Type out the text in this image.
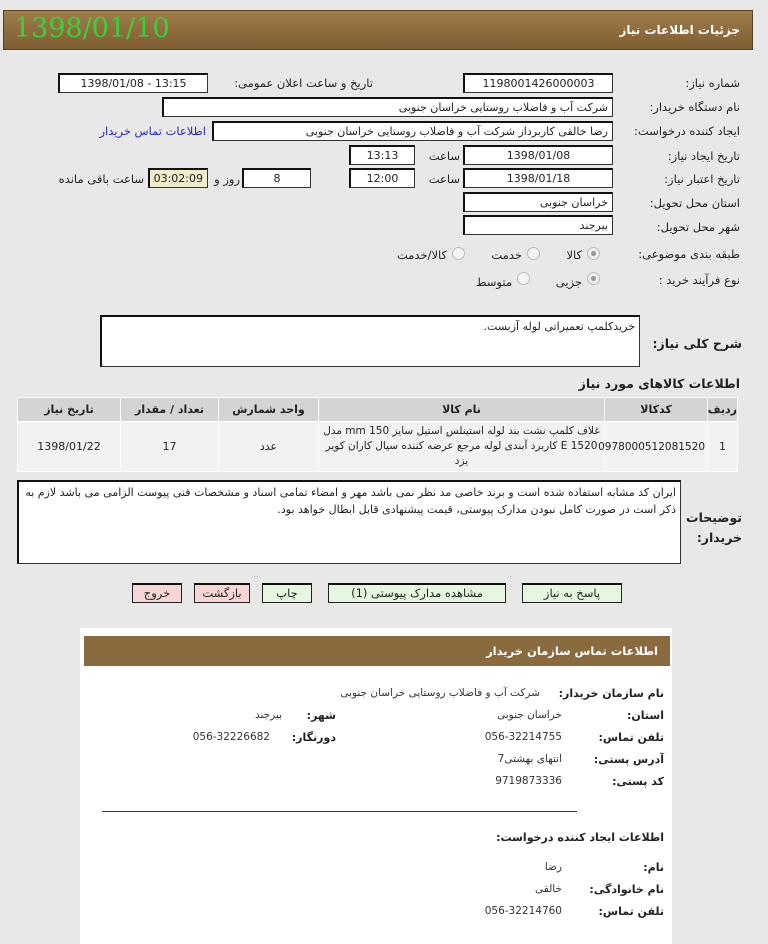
جزئیات اطلاعات نیاز
1398/01/10
شماره نیاز:
1198001426000003
تاریخ و ساعت اعلان عمومی:
1398/01/08 - 13:15
نام دستگاه خریدار:
شرکت آب و فاضلاب روستایی خراسان جنوبی
ایجاد کننده درخواست:
رضا خالقی کاربرداز شرکت آب و فاضلاب روستایی خراسان جنوبی
اطلاعات تماس خریدار
تاریخ ایجاد نیاز:
1398/01/08
ساعت
13:13
تاریخ اعتبار نیاز:
1398/01/18
ساعت
12:00
8
روز و
03:02:09
ساعت باقی مانده
استان محل تحویل:
خراسان جنوبی
شهر محل تحویل:
بیرجند
طبقه بندی موضوعی:
کالا
خدمت
کالا/خدمت
نوع فرآیند خرید :
جزیی
متوسط
شرح کلی نیاز:
خریدکلمپ تعمیراتی لوله آزبست.
اطلاعات کالاهای مورد نیاز
ردیف	کدکالا	نام کالا	واحد شمارش	تعداد / مقدار	تاریخ نیاز
1	0978000512081520	غلاف کلمپ نشت بند لوله استینلس استیل سایز 150 mm مدل E 1520 کاربرد آبندی لوله مرجع عرضه کننده سیال کاران کویر یزد	عدد	17	1398/01/22
توضیحات خریدار:
ایران کد مشابه استفاده شده است و برند خاصی مد نظر نمی باشد مهر و امضاء تمامی اسناد و مشخصات فنی پیوست الزامی می باشد لازم به ذکر است در صورت کامل نبودن مدارک پیوستی، قیمت پیشنهادی قابل ابطال خواهد بود.
پاسخ به نیاز
مشاهده مدارک پیوستی (1)
چاپ
بازگشت
خروج
اطلاعات تماس سازمان خریدار
نام سازمان خریدار:
شرکت آب و فاضلاب روستایی خراسان جنوبی
استان:
خراسان جنوبی
شهر:
بیرجند
تلفن تماس:
056-32214755
دورنگار:
056-32226682
آدرس پستی:
انتهای بهشتی7
کد پستی:
9719873336
اطلاعات ایجاد کننده درخواست:
نام:
رضا
نام خانوادگی:
خالقی
تلفن تماس:
056-32214760
